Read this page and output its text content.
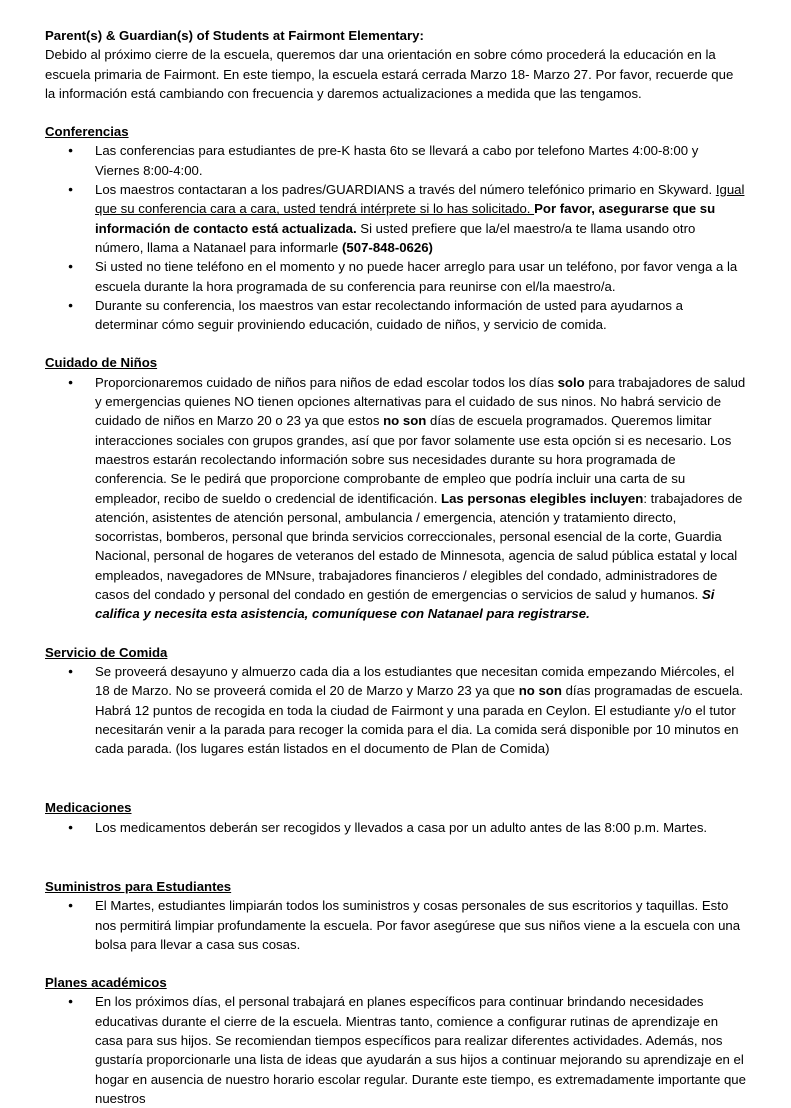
Parent(s) & Guardian(s) of Students at Fairmont Elementary:

Debido al próximo cierre de la escuela, queremos dar una orientación en sobre cómo procederá la educación en la escuela primaria de Fairmont. En este tiempo, la escuela estará cerrada Marzo 18- Marzo 27. Por favor, recuerde que la información está cambiando con frecuencia y daremos actualizaciones a medida que las tengamos.

Conferencias
● Las conferencias para estudiantes de pre-K hasta 6to se llevará a cabo por telefono Martes 4:00-8:00 y Viernes 8:00-4:00.
● Los maestros contactaran a los padres/GUARDIANS a través del número telefónico primario en Skyward. Igual que su conferencia cara a cara, usted tendrá intérprete si lo has solicitado. Por favor, asegurarse que su información de contacto está actualizada. Si usted prefiere que la/el maestro/a te llama usando otro número, llama a Natanael para informarle (507-848-0626)
● Si usted no tiene teléfono en el momento y no puede hacer arreglo para usar un teléfono, por favor venga a la escuela durante la hora programada de su conferencia para reunirse con el/la maestro/a.
● Durante su conferencia, los maestros van estar recolectando información de usted para ayudarnos a determinar cómo seguir proviniendo educación, cuidado de niños, y servicio de comida.
Cuidado de Niños
● Proporcionaremos cuidado de niños para niños de edad escolar todos los días solo para trabajadores de salud y emergencias quienes NO tienen opciones alternativas para el cuidado de sus ninos. No habrá servicio de cuidado de niños en Marzo 20 o 23 ya que estos no son días de escuela programados. Queremos limitar interacciones sociales con grupos grandes, así que por favor solamente use esta opción si es necesario. Los maestros estarán recolectando información sobre sus necesidades durante su hora programada de conferencia. Se le pedirá que proporcione comprobante de empleo que podría incluir una carta de su empleador, recibo de sueldo o credencial de identificación. Las personas elegibles incluyen: trabajadores de atención, asistentes de atención personal, ambulancia / emergencia, atención y tratamiento directo, socorristas, bomberos, personal que brinda servicios correccionales, personal esencial de la corte, Guardia Nacional, personal de hogares de veteranos del estado de Minnesota, agencia de salud pública estatal y local empleados, navegadores de MNsure, trabajadores financieros / elegibles del condado, administradores de casos del condado y personal del condado en gestión de emergencias o servicios de salud y humanos. Si califica y necesita esta asistencia, comuníquese con Natanael para registrarse.
Servicio de Comida
● Se proveerá desayuno y almuerzo cada dia a los estudiantes que necesitan comida empezando Miércoles, el 18 de Marzo. No se proveerá comida el 20 de Marzo y Marzo 23 ya que no son días programadas de escuela. Habrá 12 puntos de recogida en toda la ciudad de Fairmont y una parada en Ceylon. El estudiante y/o el tutor necesitarán venir a la parada para recoger la comida para el dia. La comida será disponible por 10 minutos en cada parada. (los lugares están listados en el documento de Plan de Comida)
Medicaciones
● Los medicamentos deberán ser recogidos y llevados a casa por un adulto antes de las 8:00 p.m. Martes.
Suministros para Estudiantes
● El Martes, estudiantes limpiarán todos los suministros y cosas personales de sus escritorios y taquillas. Esto nos permitirá limpiar profundamente la escuela. Por favor asegúrese que sus niños viene a la escuela con una bolsa para llevar a casa sus cosas.
Planes académicos
● En los próximos días, el personal trabajará en planes específicos para continuar brindando necesidades educativas durante el cierre de la escuela. Mientras tanto, comience a configurar rutinas de aprendizaje en casa para sus hijos. Se recomiendan tiempos específicos para realizar diferentes actividades. Además, nos gustaría proporcionarle una lista de ideas que ayudarán a sus hijos a continuar mejorando su aprendizaje en el hogar en ausencia de nuestro horario escolar regular. Durante este tiempo, es extremadamente importante que nuestros
